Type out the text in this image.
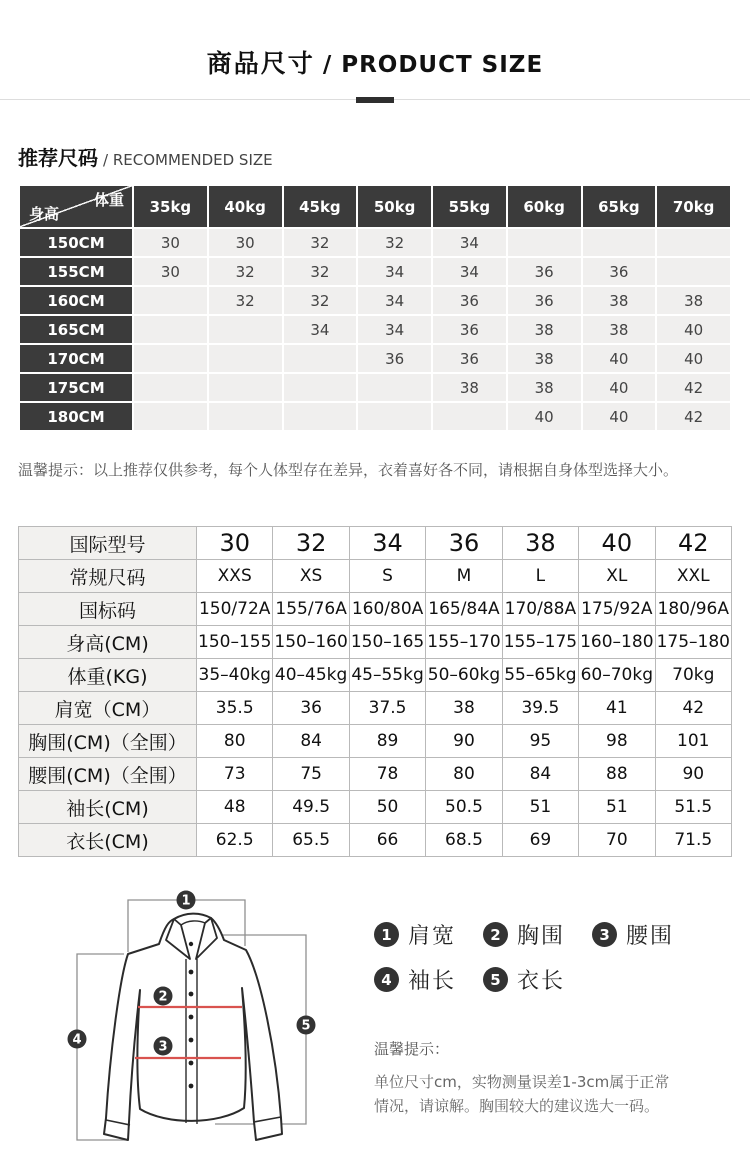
商品尺寸 / PRODUCT SIZE
推荐尺码 / RECOMMENDED SIZE
体重
身高	35kg	40kg	45kg	50kg	55kg	60kg	65kg	70kg
150CM	30	30	32	32	34			
155CM	30	32	32	34	34	36	36	
160CM		32	32	34	36	36	38	38
165CM			34	34	36	38	38	40
170CM				36	36	38	40	40
175CM					38	38	40	42
180CM						40	40	42

温馨提示：以上推荐仅供参考，每个人体型存在差异，衣着喜好各不同，请根据自身体型选择大小。

国际型号	30	32	34	36	38	40	42
常规尺码	XXS	XS	S	M	L	XL	XXL
国标码	150/72A	155/76A	160/80A	165/84A	170/88A	175/92A	180/96A
身高(CM)	150–155	150–160	150–165	155–170	155–175	160–180	175–180
体重(KG)	35–40kg	40–45kg	45–55kg	50–60kg	55–65kg	60–70kg	70kg
肩宽（CM）	35.5	36	37.5	38	39.5	41	42
胸围(CM)（全围）	80	84	89	90	95	98	101
腰围(CM)（全围）	73	75	78	80	84	88	90
袖长(CM)	48	49.5	50	50.5	51	51	51.5
衣长(CM)	62.5	65.5	66	68.5	69	70	71.5
1
2
3
4
5
1 肩宽	2 胸围	3 腰围
4 袖长	5 衣长

温馨提示：

单位尺寸cm，实物测量误差1-3cm属于正常

情况，请谅解。胸围较大的建议选大一码。
